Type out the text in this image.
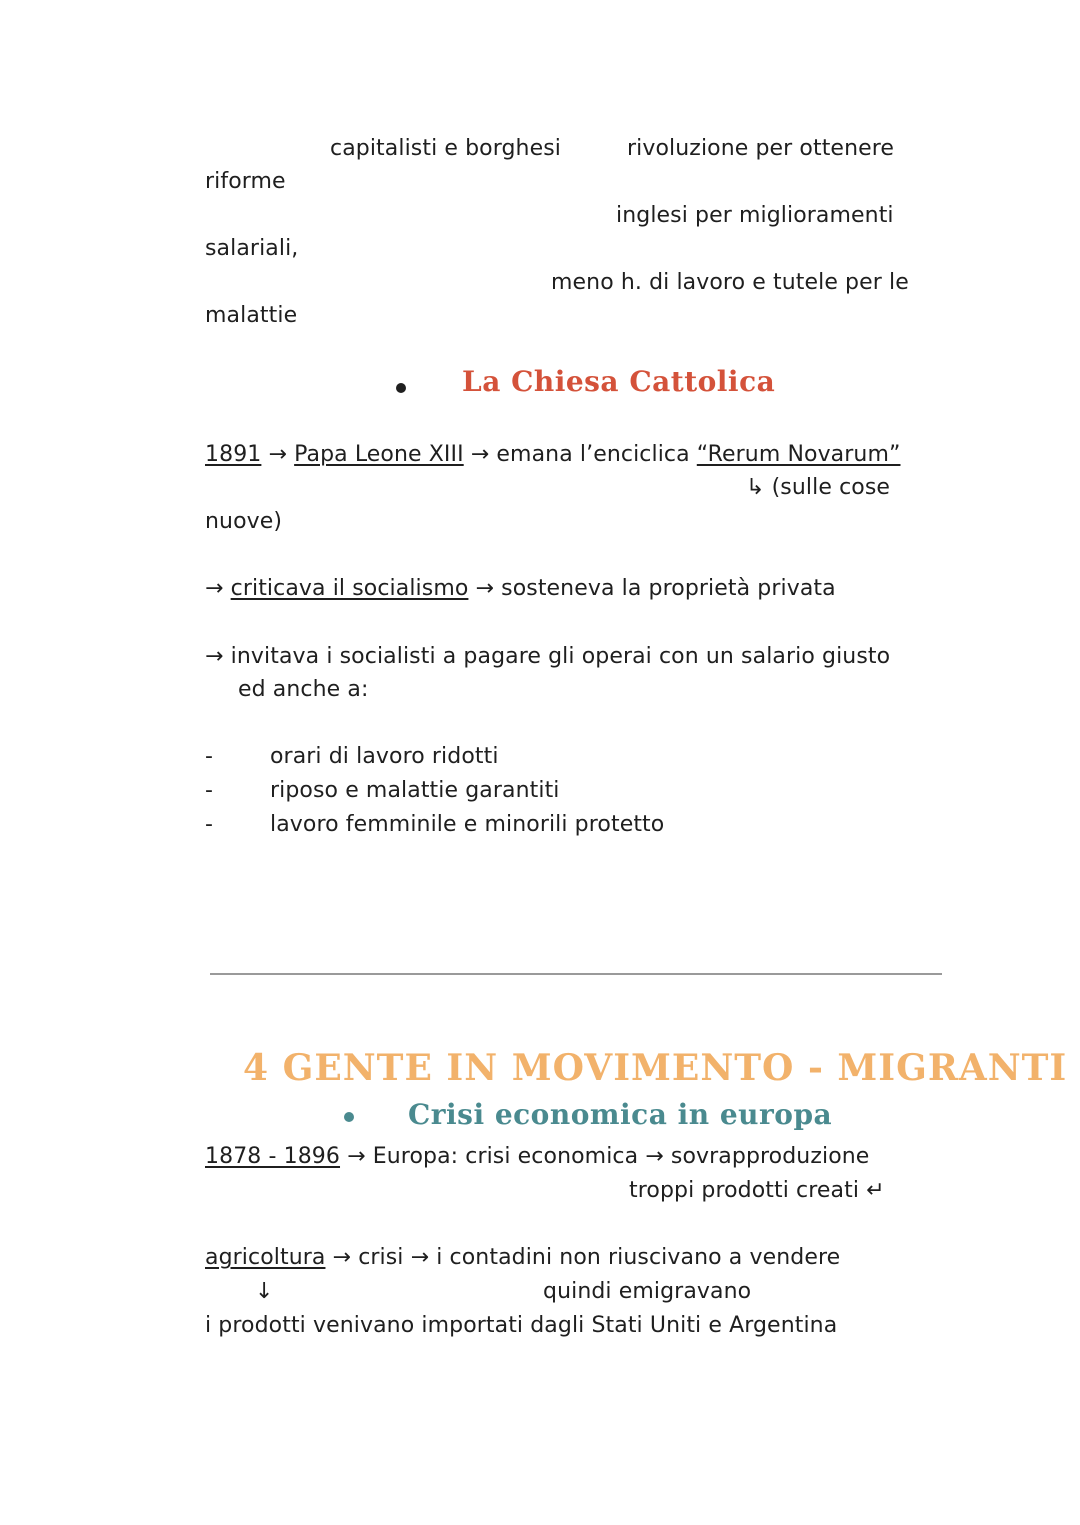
capitalisti e borghesi	rivoluzione per ottenere
riforme
inglesi per miglioramenti
salariali,
meno h. di lavoro e tutele per le
malattie
La Chiesa Cattolica
1891 → Papa Leone XIII → emana l’enciclica “Rerum Novarum”
↳ (sulle cose
nuove)
→ criticava il socialismo → sosteneva la proprietà privata
→ invitava i socialisti a pagare gli operai con un salario giusto
ed anche a:
-	orari di lavoro ridotti
-	riposo e malattie garantiti
-	lavoro femminile e minorili protetto
4 GENTE IN MOVIMENTO - MIGRANTI
Crisi economica in europa
1878 - 1896 → Europa: crisi economica → sovrapproduzione
troppi prodotti creati ↵
agricoltura → crisi → i contadini non riuscivano a vendere
↓	quindi emigravano
i prodotti venivano importati dagli Stati Uniti e Argentina
